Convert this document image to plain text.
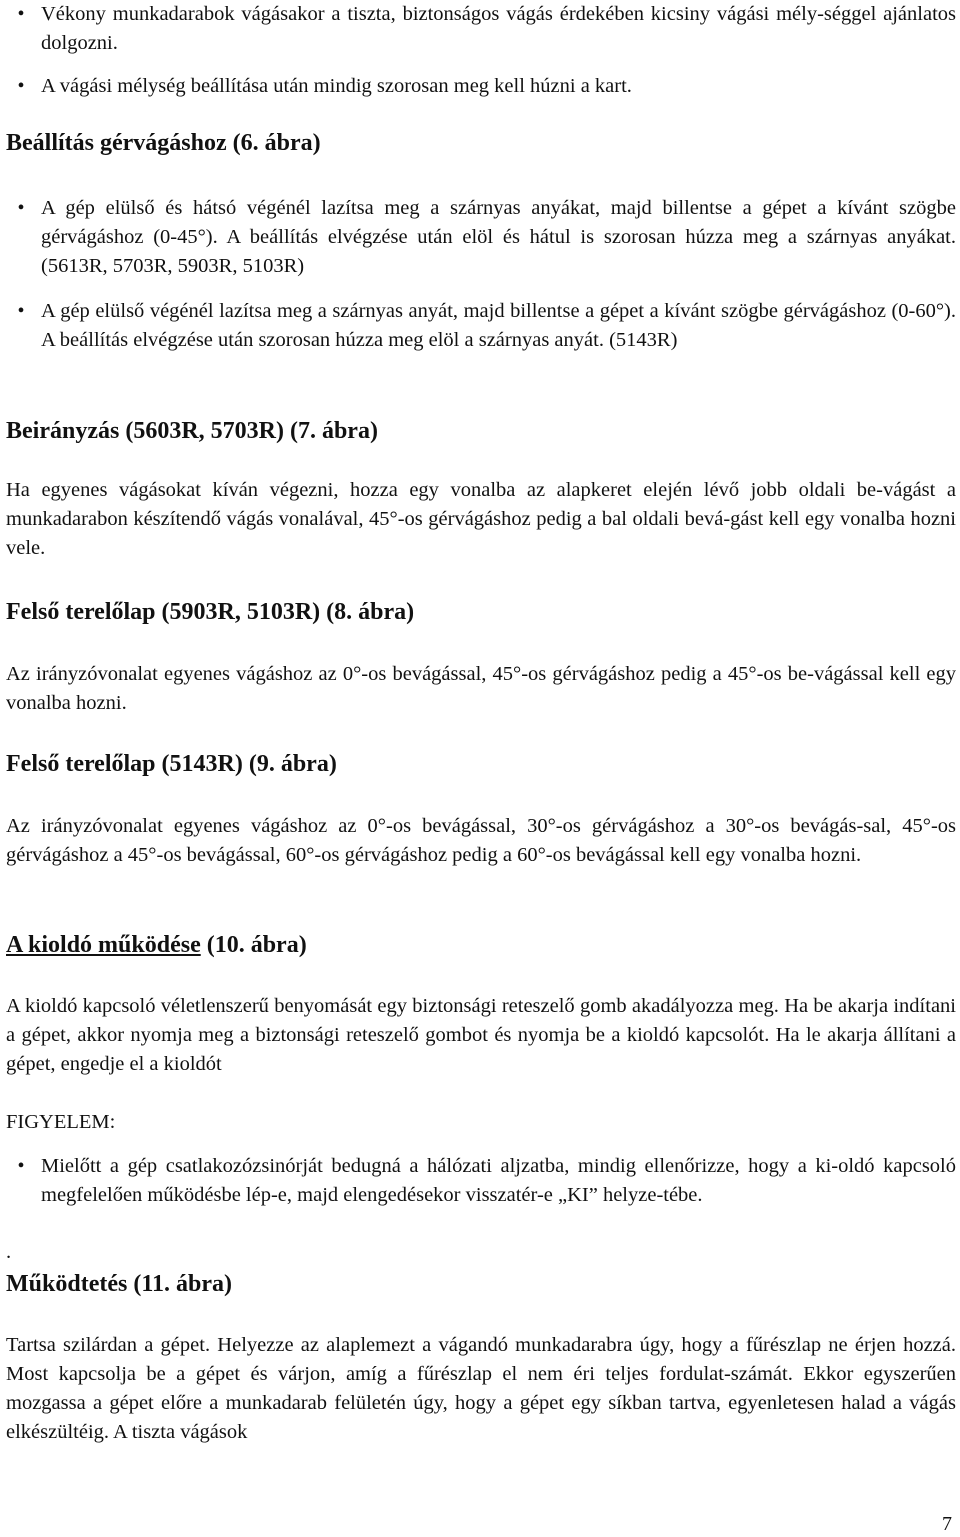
• Vékony munkadarabok vágásakor a tiszta, biztonságos vágás érdekében kicsiny vágási mély-séggel ajánlatos dolgozni.
• A vágási mélység beállítása után mindig szorosan meg kell húzni a kart.
Beállítás gérvágáshoz (6. ábra)
• A gép elülső és hátsó végénél lazítsa meg a szárnyas anyákat, majd billentse a gépet a kívánt szögbe gérvágáshoz (0-45°). A beállítás elvégzése után elöl és hátul is szorosan húzza meg a szárnyas anyákat. (5613R, 5703R, 5903R, 5103R)
• A gép elülső végénél lazítsa meg a szárnyas anyát, majd billentse a gépet a kívánt szögbe gérvágáshoz (0-60°). A beállítás elvégzése után szorosan húzza meg elöl a szárnyas anyát. (5143R)
Beirányzás (5603R, 5703R) (7. ábra)
Ha egyenes vágásokat kíván végezni, hozza egy vonalba az alapkeret elején lévő jobb oldali be-vágást a munkadarabon készítendő vágás vonalával, 45°-os gérvágáshoz pedig a bal oldali bevá-gást kell egy vonalba hozni vele.
Felső terelőlap (5903R, 5103R) (8. ábra)
Az irányzóvonalat egyenes vágáshoz az 0°-os bevágással, 45°-os gérvágáshoz pedig a 45°-os be-vágással kell egy vonalba hozni.
Felső terelőlap (5143R) (9. ábra)
Az irányzóvonalat egyenes vágáshoz az 0°-os bevágással, 30°-os gérvágáshoz a 30°-os bevágás-sal, 45°-os gérvágáshoz a 45°-os bevágással, 60°-os gérvágáshoz pedig a 60°-os bevágással kell egy vonalba hozni.
A kioldó működése (10. ábra)
A kioldó kapcsoló véletlenszerű benyomását egy biztonsági reteszelő gomb akadályozza meg. Ha be akarja indítani a gépet, akkor nyomja meg a biztonsági reteszelő gombot és nyomja be a kioldó kapcsolót. Ha le akarja állítani a gépet, engedje el a kioldót
FIGYELEM:
• Mielőtt a gép csatlakozózsinórját bedugná a hálózati aljzatba, mindig ellenőrizze, hogy a ki-oldó kapcsoló megfelelően működésbe lép-e, majd elengedésekor visszatér-e „KI” helyze-tébe.
.
Működtetés (11. ábra)
Tartsa szilárdan a gépet. Helyezze az alaplemezt a vágandó munkadarabra úgy, hogy a fűrészlap ne érjen hozzá. Most kapcsolja be a gépet és várjon, amíg a fűrészlap el nem éri teljes fordulat-számát. Ekkor egyszerűen mozgassa a gépet előre a munkadarab felületén úgy, hogy a gépet egy síkban tartva, egyenletesen halad a vágás elkészültéig. A tiszta vágások
7
